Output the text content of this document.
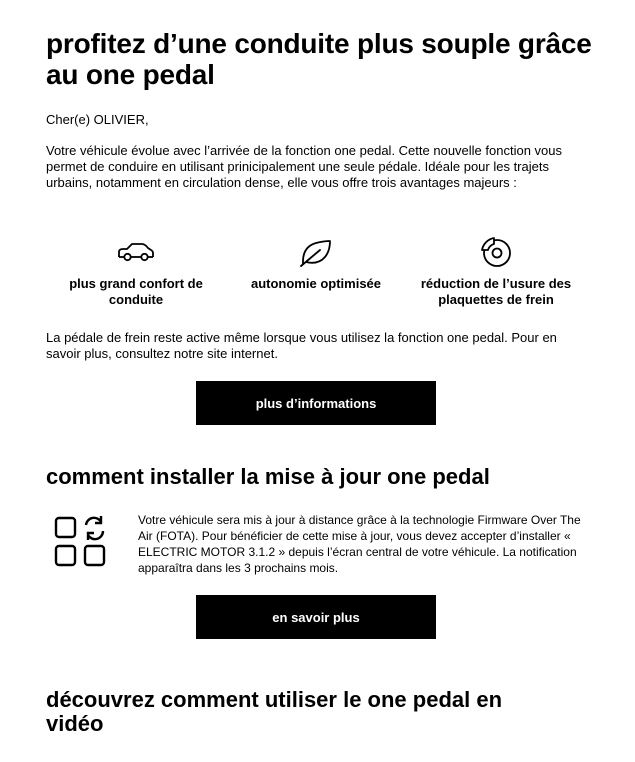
profitez d’une conduite plus souple grâce au one pedal
Cher(e) OLIVIER,

Votre véhicule évolue avec l’arrivée de la fonction one pedal. Cette nouvelle fonction vous permet de conduire en utilisant prinicipalement une seule pédale. Idéale pour les trajets urbains, notamment en circulation dense, elle vous offre trois avantages majeurs :

plus grand confort de conduite
autonomie optimisée	réduction de l’usure des plaquettes de frein

La pédale de frein reste active même lorsque vous utilisez la fonction one pedal. Pour en savoir plus, consultez notre site internet.

plus d’informations
comment installer la mise à jour one pedal

Votre véhicule sera mis à jour à distance grâce à la technologie Firmware Over The Air (FOTA). Pour bénéficier de cette mise à jour, vous devez accepter d’installer « ELECTRIC MOTOR 3.1.2 » depuis l’écran central de votre véhicule. La notification apparaîtra dans les 3 prochains mois.

en savoir plus
découvrez comment utiliser le one pedal en vidéo
